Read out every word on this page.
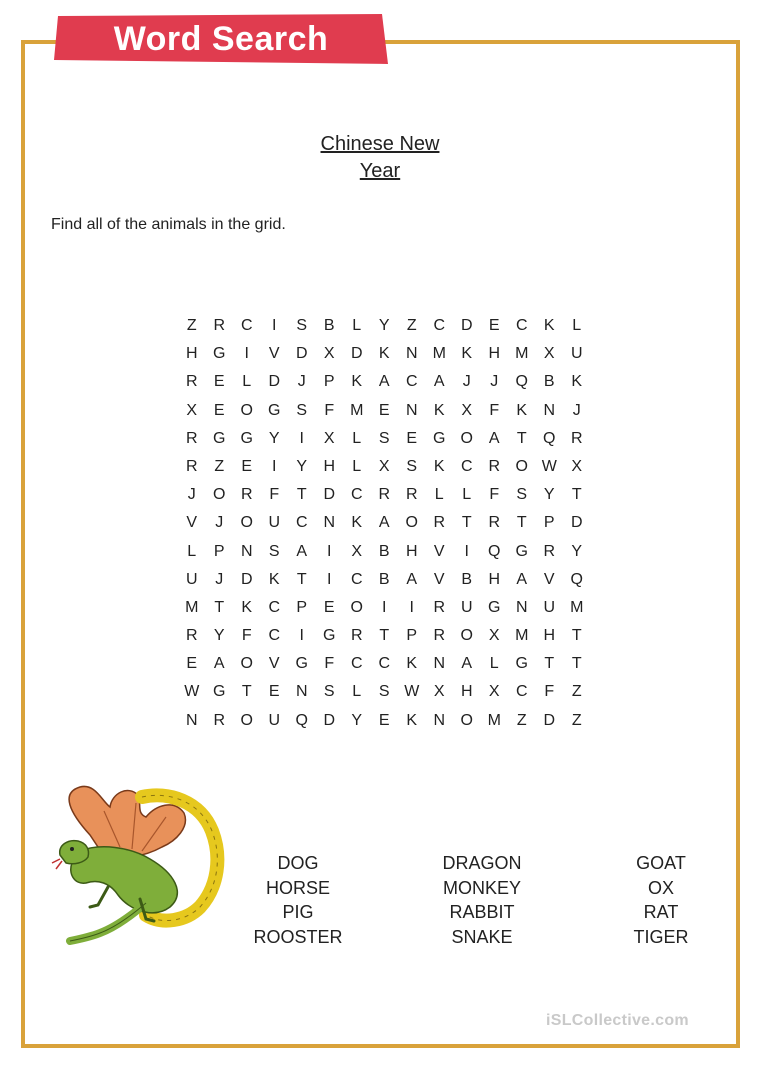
Word Search
Chinese New
Year
Find all of the animals in the grid.
Z	R C	I	S	B	L	Y	Z	C D	E	C	K	L
H G	I	V	D	X	D	K	N M K	H M X	U
R	E	L	D	J	P	K	A	C	A	J	J	Q B	K
X	E O G S	F M E	N	K	X	F	K	N	J
R G G Y	I	X	L	S	E G O A	T	Q R
R	Z	E	I	Y	H	L	X	S	K	C R O W X
J	O R	F	T	D C R R	L	L	F	S	Y	T
V	J	O U C N	K	A O R	T	R	T	P	D
L	P	N	S	A	I	X	B	H	V	I	Q G R	Y
U	J	D	K	T	I	C	B	A	V	B	H	A	V Q
M T	K	C	P	E O	I	I	R U G N U M
R	Y	F	C	I	G R	T	P	R O X M H	T
E	A O V G	F	C C	K	N	A	L	G	T	T
W G	T	E	N	S	L	S W X	H	X	C	F	Z
N R O U Q D	Y	E	K	N O M Z	D	Z
DOG
HORSE
PIG
ROOSTER
DRAGON
MONKEY
RABBIT
SNAKE
GOAT
OX
RAT
TIGER
iSLCollective.com
